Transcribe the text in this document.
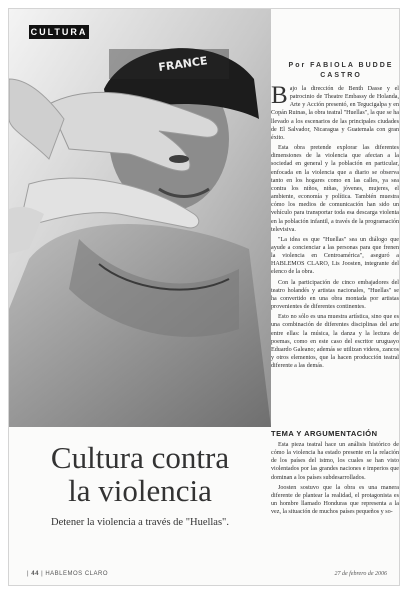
FRANCE
CULTURA
Por FABIOLA BUDDE CASTRO

Bajo la dirección de Benth Dasse y el patrocinio de Theatre Embassy de Holanda, Arte y Acción presentó, en Tegucigalpa y en Copán Ruinas, la obra teatral "Huellas", la que se ha llevado a los escenarios de las principales ciudades de El Salvador, Nicaragua y Guatemala con gran éxito.

Esta obra pretende explorar las diferentes dimensiones de la violencia que afectan a la sociedad en general y la población en particular, enfocada en la violencia que a diario se observa tanto en los hogares como en las calles, ya sea contra los niños, niñas, jóvenes, mujeres, el ambiente, economía y política. También muestra cómo los medios de comunicación han sido un vehículo para transportar toda esa descarga violenta en la población infantil, a través de la programación televisiva.

"La idea es que "Huellas" sea un diálogo que ayude a concienciar a las personas para que frenen la violencia en Centroamérica", aseguró a HABLEMOS CLARO, Lis Joosten, integrante del elenco de la obra.

Con la participación de cinco embajadores del teatro holandés y artistas nacionales, "Huellas" se ha convertido en una obra montada por artistas provenientes de diferentes continentes.

Esto no sólo es una muestra artística, sino que es una combinación de diferentes disciplinas del arte entre ellas: la música, la danza y la lectura de poemas, como en este caso del escritor uruguayo Eduardo Galeano; además se utilizan videos, zancos y otros elementos, que la hacen producción teatral diferente a las demás.

TEMA Y ARGUMENTACIÓN

Esta pieza teatral hace un análisis histórico de cómo la violencia ha estado presente en la relación de los países del istmo, los cuales se han visto violentados por las grandes naciones e imperios que dominan a los países subdesarrollados.

Joosten sostuvo que la obra es una manera diferente de plantear la realidad, el protagonista es un hombre llamado Honduras que representa a la vez, la situación de muchos países pequeños y so-

Cultura contra
la violencia
Detener la violencia a través de "Huellas".
| 44 | HABLEMOS CLARO	27 de febrero de 2006
